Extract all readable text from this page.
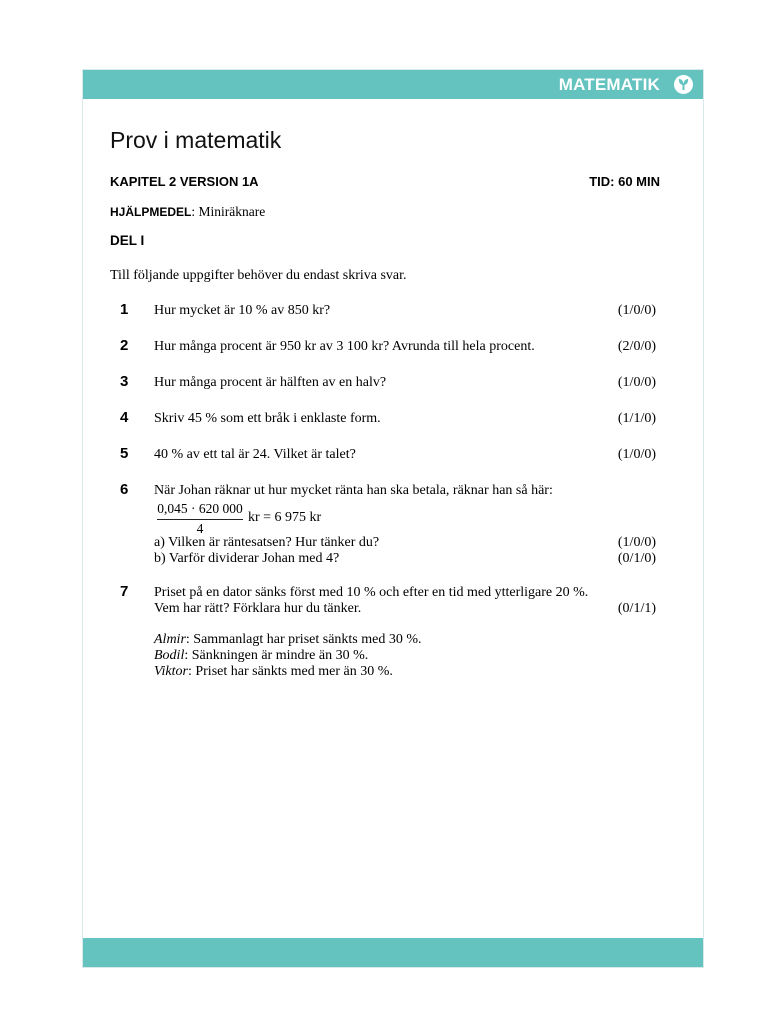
MATEMATIK
Prov i matematik
KAPITEL 2 VERSION 1A	TID: 60 MIN
HJÄLPMEDEL: Miniräknare
DEL I
Till följande uppgifter behöver du endast skriva svar.
1 Hur mycket är 10 % av 850 kr?	(1/0/0)
2 Hur många procent är 950 kr av 3 100 kr? Avrunda till hela procent.	(2/0/0)
3 Hur många procent är hälften av en halv?	(1/0/0)
4 Skriv 45 % som ett bråk i enklaste form.	(1/1/0)
5 40 % av ett tal är 24. Vilket är talet?	(1/0/0)
6 När Johan räknar ut hur mycket ränta han ska betala, räknar han så här:
0,045 · 620 000
4
kr = 6 975 kr
a) Vilken är räntesatsen? Hur tänker du?	(1/0/0)
b) Varför dividerar Johan med 4?	(0/1/0)
7 Priset på en dator sänks först med 10 % och efter en tid med ytterligare 20 %.
Vem har rätt? Förklara hur du tänker.	(0/1/1)
Almir: Sammanlagt har priset sänkts med 30 %.
Bodil: Sänkningen är mindre än 30 %.
Viktor: Priset har sänkts med mer än 30 %.
